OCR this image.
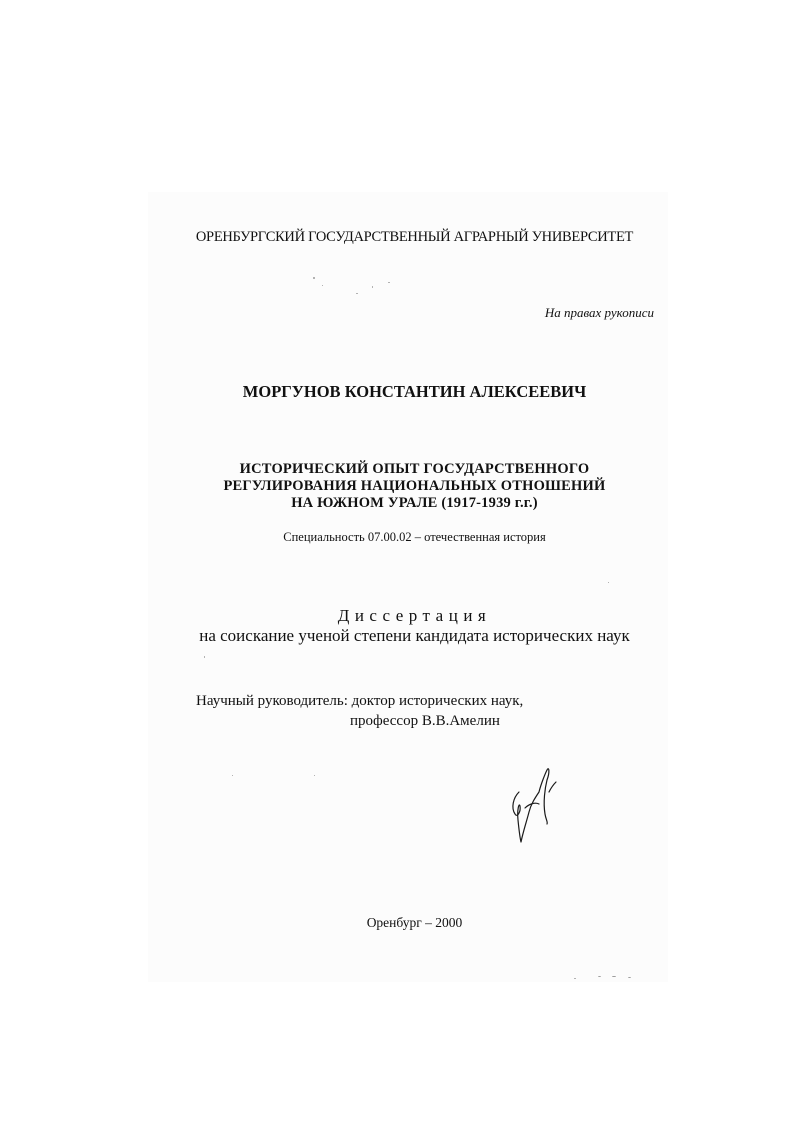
ОРЕНБУРГСКИЙ ГОСУДАРСТВЕННЫЙ АГРАРНЫЙ УНИВЕРСИТЕТ
На правах рукописи
МОРГУНОВ КОНСТАНТИН АЛЕКСЕЕВИЧ
ИСТОРИЧЕСКИЙ ОПЫТ ГОСУДАРСТВЕННОГО
РЕГУЛИРОВАНИЯ НАЦИОНАЛЬНЫХ ОТНОШЕНИЙ
НА ЮЖНОМ УРАЛЕ (1917-1939 г.г.)
Специальность 07.00.02 – отечественная история
Диссертация
на соискание ученой степени кандидата исторических наук
Научный руководитель: доктор исторических наук,
профессор В.В.Амелин
Оренбург – 2000
